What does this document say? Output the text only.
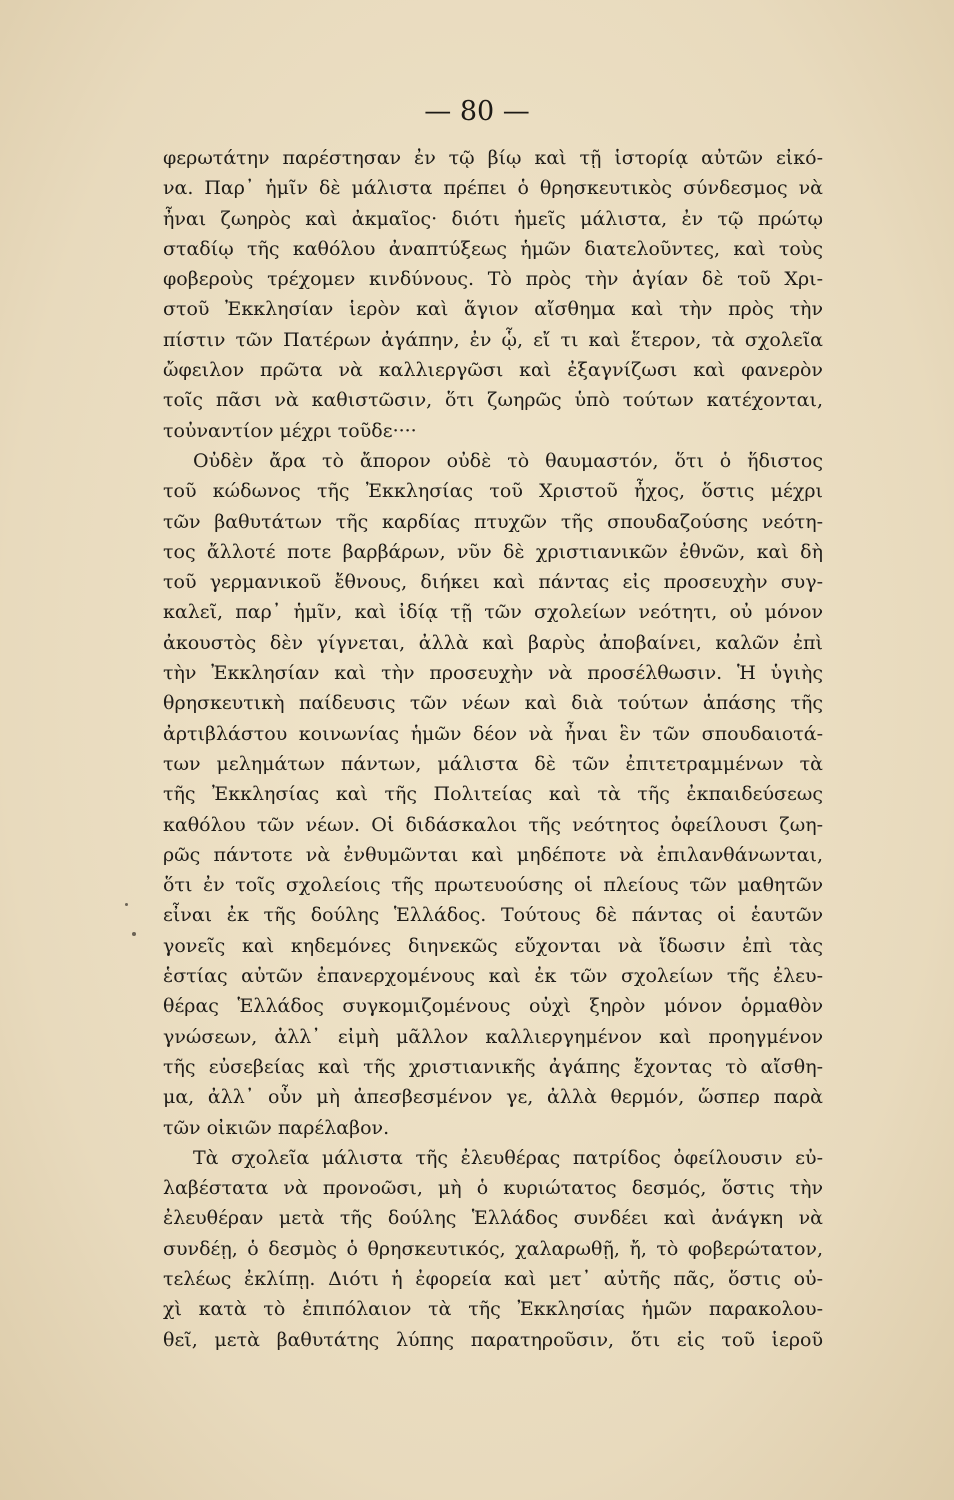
— 80 —
φερωτάτην παρέστησαν ἐν τῷ βίῳ καὶ τῇ ἱστορίᾳ αὐτῶν εἰκό-
να. Παρ᾽ ἡμῖν δὲ μάλιστα πρέπει ὁ θρησκευτικὸς σύνδεσμος νὰ
ἦναι ζωηρὸς καὶ ἀκμαῖος· διότι ἡμεῖς μάλιστα, ἐν τῷ πρώτῳ
σταδίῳ τῆς καθόλου ἀναπτύξεως ἡμῶν διατελοῦντες, καὶ τοὺς
φοβεροὺς τρέχομεν κινδύνους. Τὸ πρὸς τὴν ἁγίαν δὲ τοῦ Χρι-
στοῦ Ἐκκλησίαν ἱερὸν καὶ ἅγιον αἴσθημα καὶ τὴν πρὸς τὴν
πίστιν τῶν Πατέρων ἀγάπην, ἐν ᾧ, εἴ τι καὶ ἕτερον, τὰ σχολεῖα
ὤφειλον πρῶτα νὰ καλλιεργῶσι καὶ ἐξαγνίζωσι καὶ φανερὸν
τοῖς πᾶσι νὰ καθιστῶσιν, ὅτι ζωηρῶς ὑπὸ τούτων κατέχονται,
τοὐναντίον μέχρι τοῦδε····
Οὐδὲν ἄρα τὸ ἄπορον οὐδὲ τὸ θαυμαστόν, ὅτι ὁ ἥδιστος
τοῦ κώδωνος τῆς Ἐκκλησίας τοῦ Χριστοῦ ἦχος, ὅστις μέχρι
τῶν βαθυτάτων τῆς καρδίας πτυχῶν τῆς σπουδαζούσης νεότη-
τος ἄλλοτέ ποτε βαρβάρων, νῦν δὲ χριστιανικῶν ἐθνῶν, καὶ δὴ
τοῦ γερμανικοῦ ἔθνους, διήκει καὶ πάντας εἰς προσευχὴν συγ-
καλεῖ, παρ᾽ ἡμῖν, καὶ ἰδίᾳ τῇ τῶν σχολείων νεότητι, οὐ μόνον
ἀκουστὸς δὲν γίγνεται, ἀλλὰ καὶ βαρὺς ἀποβαίνει, καλῶν ἐπὶ
τὴν Ἐκκλησίαν καὶ τὴν προσευχὴν νὰ προσέλθωσιν. Ἡ ὑγιὴς
θρησκευτικὴ παίδευσις τῶν νέων καὶ διὰ τούτων ἁπάσης τῆς
ἀρτιβλάστου κοινωνίας ἡμῶν δέον νὰ ἦναι ἓν τῶν σπουδαιοτά-
των μελημάτων πάντων, μάλιστα δὲ τῶν ἐπιτετραμμένων τὰ
τῆς Ἐκκλησίας καὶ τῆς Πολιτείας καὶ τὰ τῆς ἐκπαιδεύσεως
καθόλου τῶν νέων. Οἱ διδάσκαλοι τῆς νεότητος ὀφείλουσι ζωη-
ρῶς πάντοτε νὰ ἐνθυμῶνται καὶ μηδέποτε νὰ ἐπιλανθάνωνται,
ὅτι ἐν τοῖς σχολείοις τῆς πρωτευούσης οἱ πλείους τῶν μαθητῶν
εἶναι ἐκ τῆς δούλης Ἑλλάδος. Τούτους δὲ πάντας οἱ ἑαυτῶν
γονεῖς καὶ κηδεμόνες διηνεκῶς εὔχονται νὰ ἴδωσιν ἐπὶ τὰς
ἑστίας αὐτῶν ἐπανερχομένους καὶ ἐκ τῶν σχολείων τῆς ἐλευ-
θέρας Ἑλλάδος συγκομιζομένους οὐχὶ ξηρὸν μόνον ὁρμαθὸν
γνώσεων, ἀλλ᾽ εἰμὴ μᾶλλον καλλιεργημένον καὶ προηγμένον
τῆς εὐσεβείας καὶ τῆς χριστιανικῆς ἀγάπης ἔχοντας τὸ αἴσθη-
μα, ἀλλ᾽ οὖν μὴ ἀπεσβεσμένον γε, ἀλλὰ θερμόν, ὥσπερ παρὰ
τῶν οἰκιῶν παρέλαβον.
Τὰ σχολεῖα μάλιστα τῆς ἐλευθέρας πατρίδος ὀφείλουσιν εὐ-
λαβέστατα νὰ προνοῶσι, μὴ ὁ κυριώτατος δεσμός, ὅστις τὴν
ἐλευθέραν μετὰ τῆς δούλης Ἑλλάδος συνδέει καὶ ἀνάγκη νὰ
συνδέῃ, ὁ δεσμὸς ὁ θρησκευτικός, χαλαρωθῇ, ἤ, τὸ φοβερώτατον,
τελέως ἐκλίπῃ. Διότι ἡ ἐφορεία καὶ μετ᾽ αὐτῆς πᾶς, ὅστις οὐ-
χὶ κατὰ τὸ ἐπιπόλαιον τὰ τῆς Ἐκκλησίας ἡμῶν παρακολου-
θεῖ, μετὰ βαθυτάτης λύπης παρατηροῦσιν, ὅτι εἰς τοῦ ἱεροῦ
